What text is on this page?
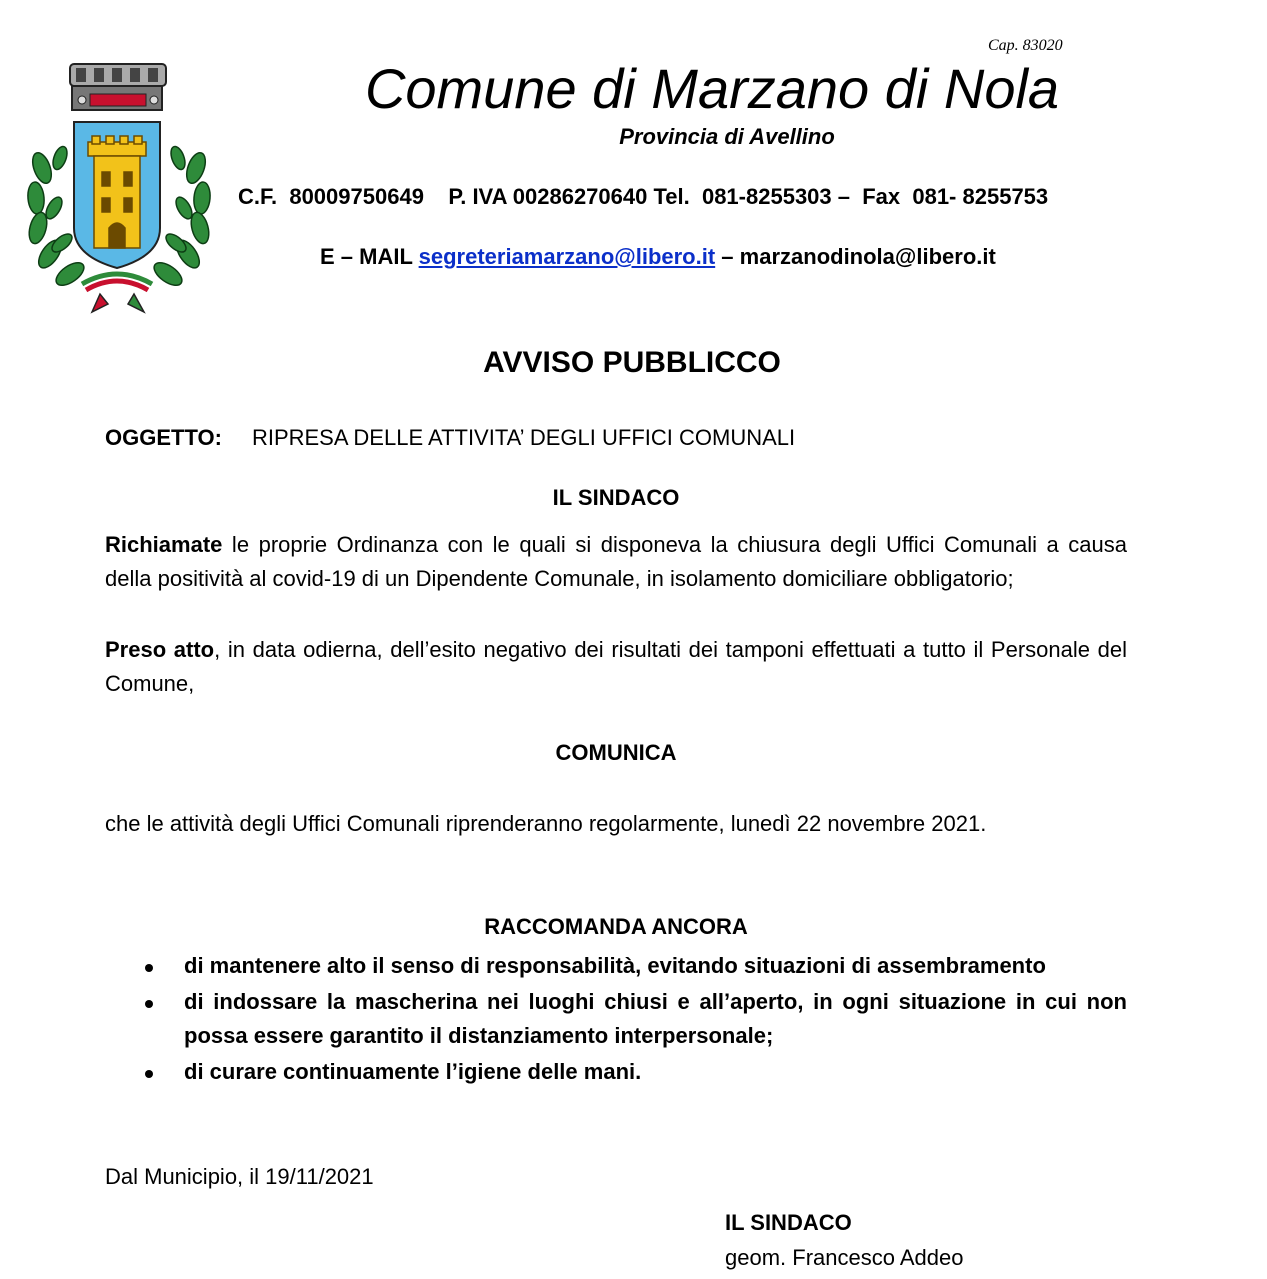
Cap. 83020
Comune di Marzano di Nola
Provincia di Avellino
C.F.  80009750649    P. IVA 00286270640 Tel.  081-8255303 –  Fax  081- 8255753
E – MAIL segreteriamarzano@libero.it – marzanodinola@libero.it
AVVISO PUBBLICCO
OGGETTO: RIPRESA DELLE ATTIVITA’ DEGLI UFFICI COMUNALI
IL SINDACO
Richiamate le proprie Ordinanza con le quali si disponeva la chiusura degli Uffici Comunali a causa della positività al covid-19 di un Dipendente Comunale, in isolamento domiciliare obbligatorio;
Preso atto, in data odierna, dell’esito negativo dei risultati dei tamponi effettuati a tutto il Personale del Comune,
COMUNICA
che le attività degli Uffici Comunali riprenderanno regolarmente, lunedì 22 novembre 2021.
RACCOMANDA ANCORA
di mantenere alto il senso di responsabilità, evitando situazioni di assembramento
di indossare la mascherina nei luoghi chiusi e all’aperto, in ogni situazione in cui non possa essere garantito il distanziamento interpersonale;
di curare continuamente l’igiene delle mani.
Dal Municipio, il 19/11/2021
IL SINDACO
geom. Francesco Addeo
